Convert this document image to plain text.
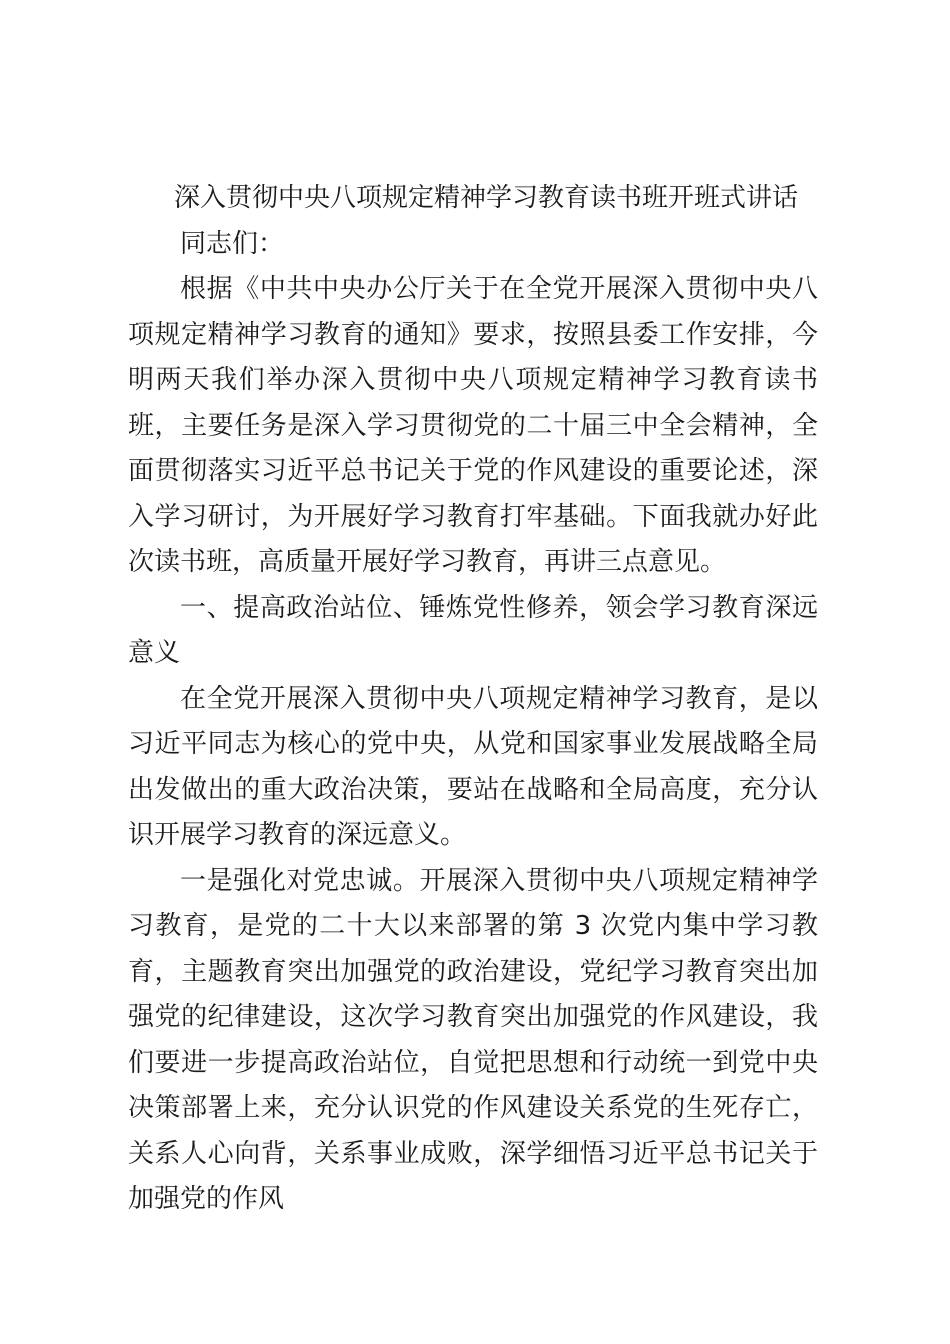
深入贯彻中央八项规定精神学习教育读书班开班式讲话

同志们：

根据《中共中央办公厅关于在全党开展深入贯彻中央八项规定精神学习教育的通知》要求，按照县委工作安排，今明两天我们举办深入贯彻中央八项规定精神学习教育读书班，主要任务是深入学习贯彻党的二十届三中全会精神，全面贯彻落实习近平总书记关于党的作风建设的重要论述，深入学习研讨，为开展好学习教育打牢基础。下面我就办好此次读书班，高质量开展好学习教育，再讲三点意见。

一、提高政治站位、锤炼党性修养，领会学习教育深远意义

在全党开展深入贯彻中央八项规定精神学习教育，是以习近平同志为核心的党中央，从党和国家事业发展战略全局出发做出的重大政治决策，要站在战略和全局高度，充分认识开展学习教育的深远意义。

一是强化对党忠诚。开展深入贯彻中央八项规定精神学习教育，是党的二十大以来部署的第 3 次党内集中学习教育，主题教育突出加强党的政治建设，党纪学习教育突出加强党的纪律建设，这次学习教育突出加强党的作风建设，我们要进一步提高政治站位，自觉把思想和行动统一到党中央决策部署上来，充分认识党的作风建设关系党的生死存亡，关系人心向背，关系事业成败，深学细悟习近平总书记关于加强党的作风
